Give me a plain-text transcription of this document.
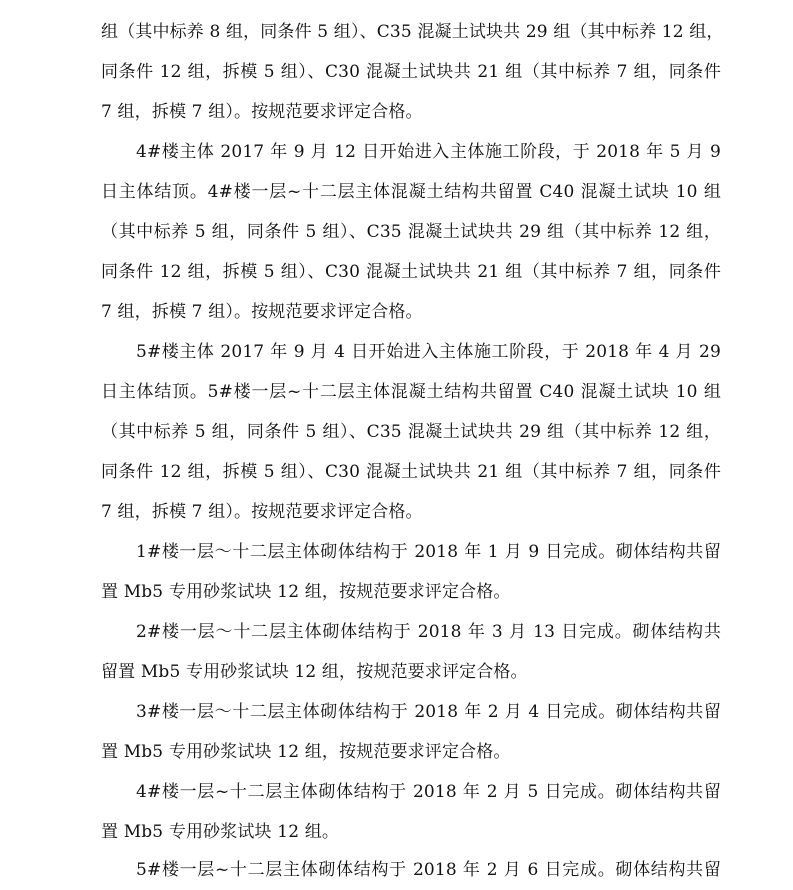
组（其中标养 8 组，同条件 5 组）、C35 混凝土试块共 29 组（其中标养 12 组，
同条件 12 组，拆模 5 组）、C30 混凝土试块共 21 组（其中标养 7 组，同条件
7 组，拆模 7 组）。按规范要求评定合格。
4#楼主体 2017 年 9 月 12 日开始进入主体施工阶段，于 2018 年 5 月 9
日主体结顶。4#楼一层~十二层主体混凝土结构共留置 C40 混凝土试块 10 组
（其中标养 5 组，同条件 5 组）、C35 混凝土试块共 29 组（其中标养 12 组，
同条件 12 组，拆模 5 组）、C30 混凝土试块共 21 组（其中标养 7 组，同条件
7 组，拆模 7 组）。按规范要求评定合格。
5#楼主体 2017 年 9 月 4 日开始进入主体施工阶段，于 2018 年 4 月 29
日主体结顶。5#楼一层~十二层主体混凝土结构共留置 C40 混凝土试块 10 组
（其中标养 5 组，同条件 5 组）、C35 混凝土试块共 29 组（其中标养 12 组，
同条件 12 组，拆模 5 组）、C30 混凝土试块共 21 组（其中标养 7 组，同条件
7 组，拆模 7 组）。按规范要求评定合格。
1#楼一层～十二层主体砌体结构于 2018 年 1 月 9 日完成。砌体结构共留
置 Mb5 专用砂浆试块 12 组，按规范要求评定合格。
2#楼一层～十二层主体砌体结构于 2018 年 3 月 13 日完成。砌体结构共
留置 Mb5 专用砂浆试块 12 组，按规范要求评定合格。
3#楼一层～十二层主体砌体结构于 2018 年 2 月 4 日完成。砌体结构共留
置 Mb5 专用砂浆试块 12 组，按规范要求评定合格。
4#楼一层~十二层主体砌体结构于 2018 年 2 月 5 日完成。砌体结构共留
置 Mb5 专用砂浆试块 12 组。
5#楼一层~十二层主体砌体结构于 2018 年 2 月 6 日完成。砌体结构共留
